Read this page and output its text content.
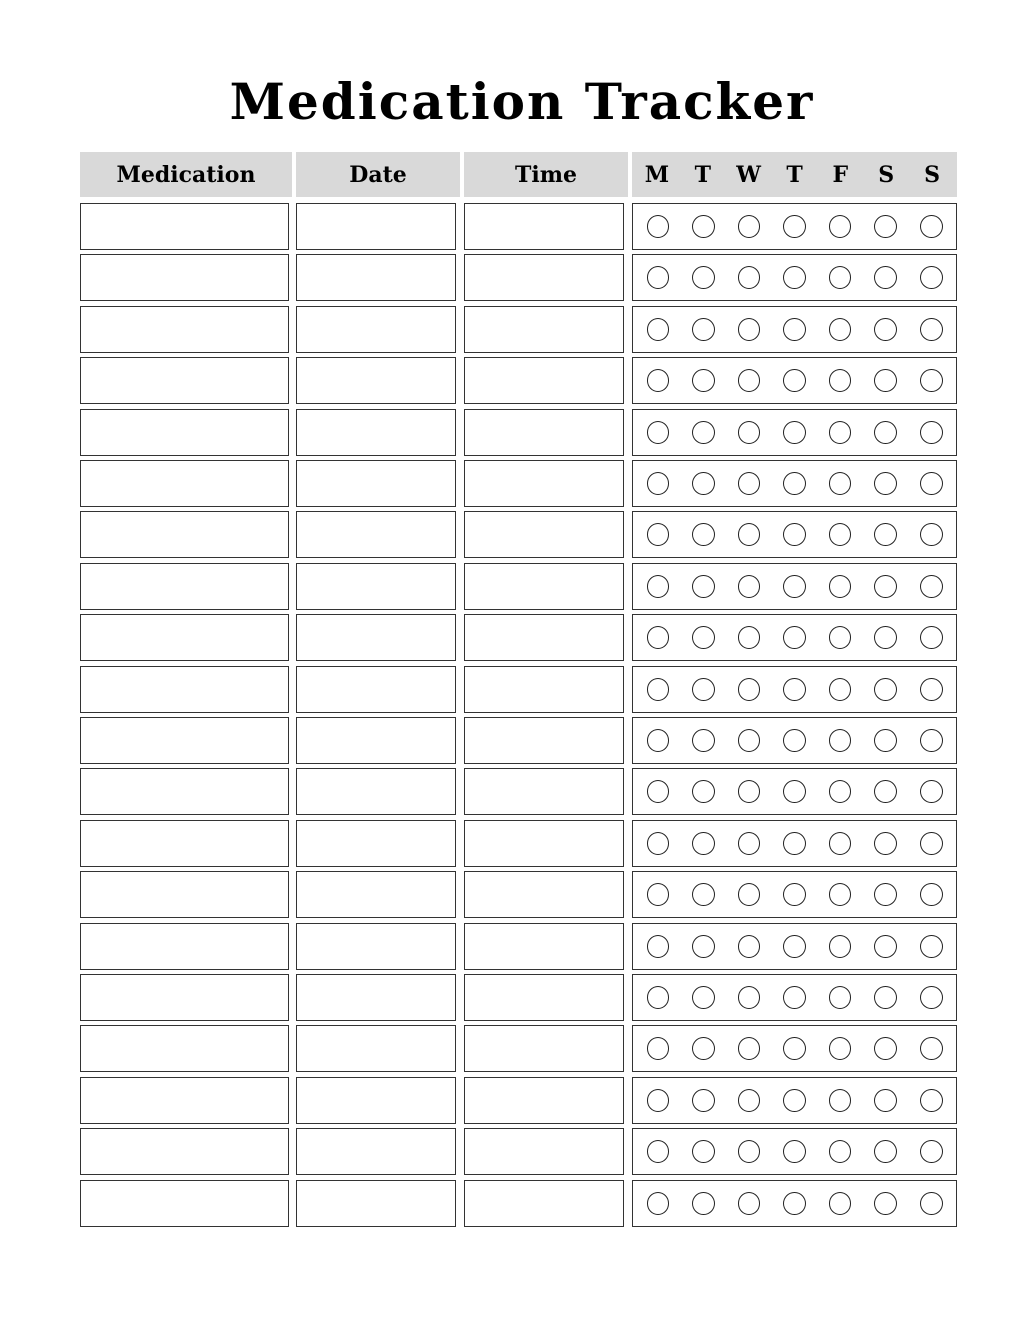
Medication Tracker
Medication	Date	Time	M	T	W	T	F	S	S
